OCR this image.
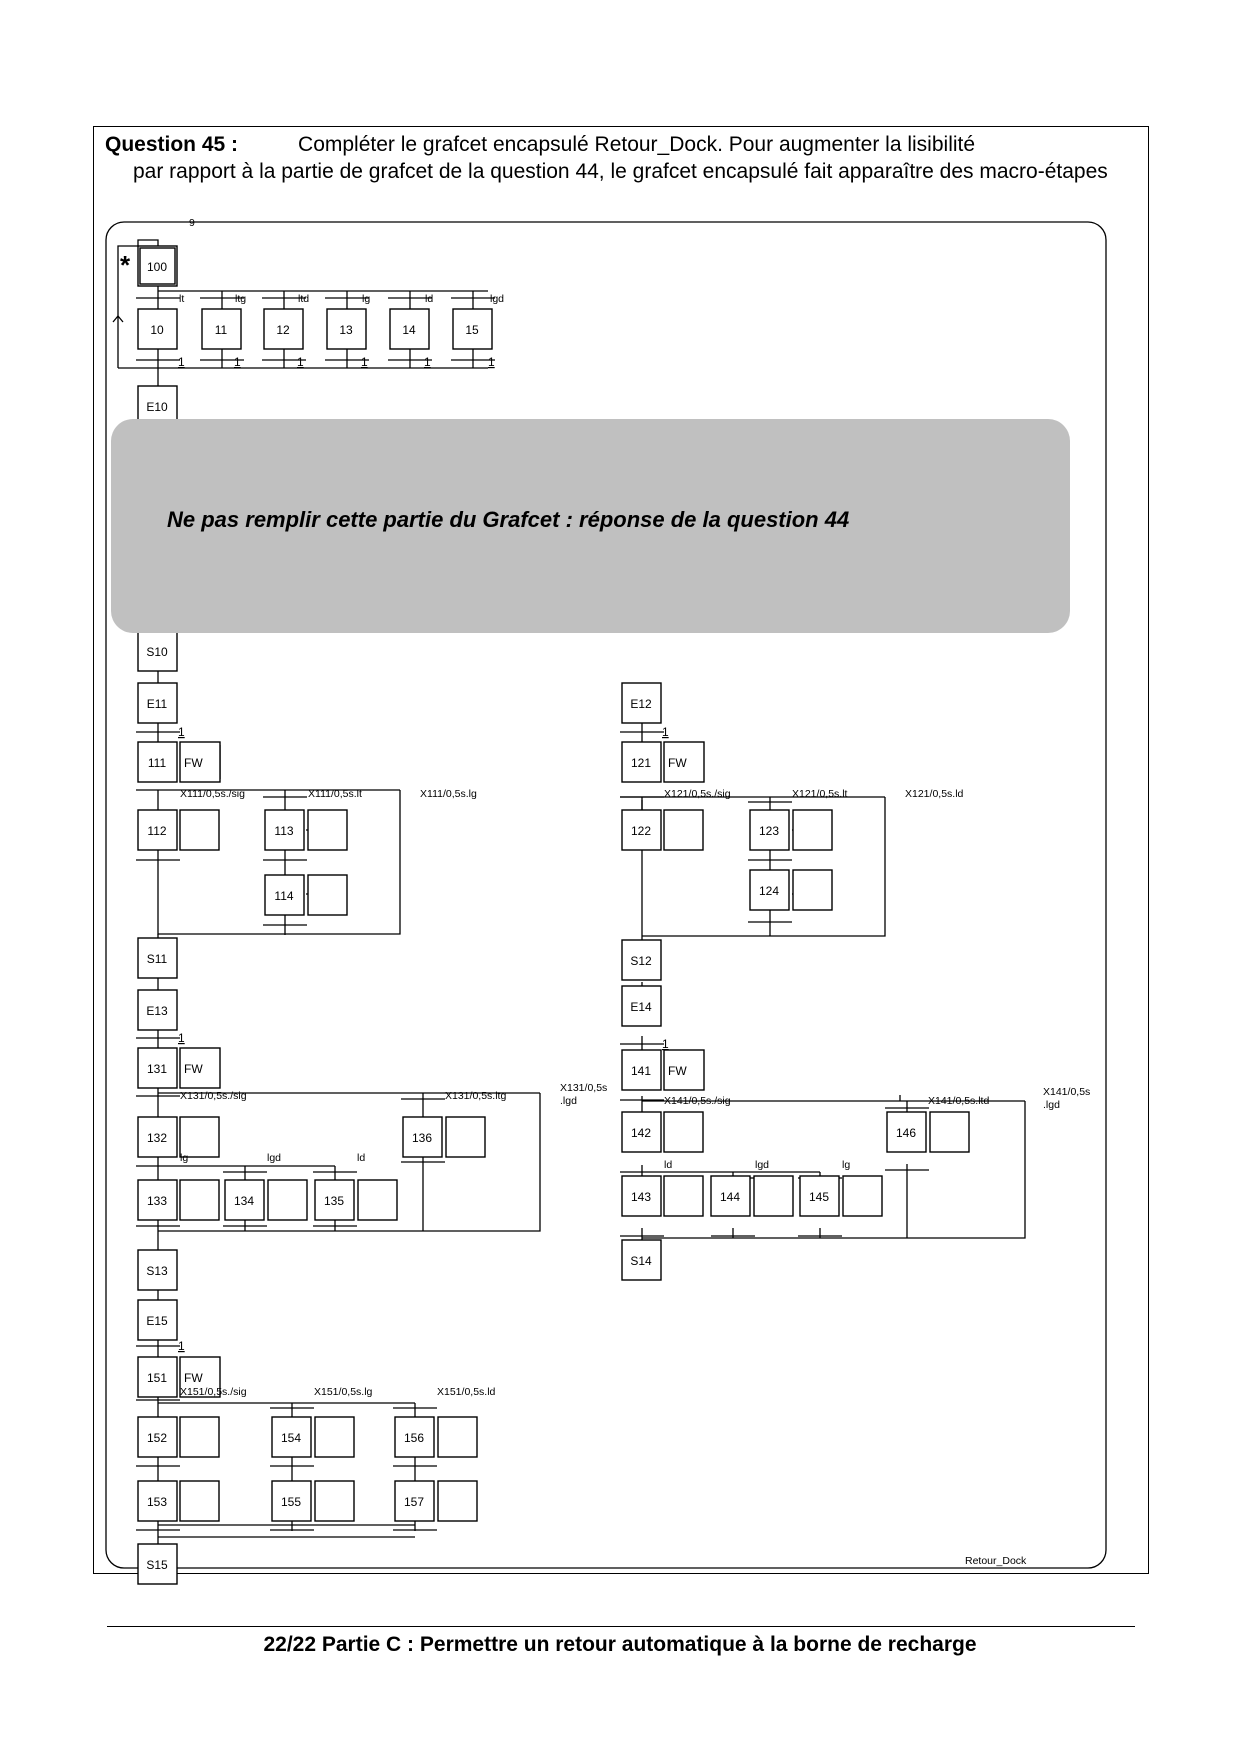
Question 45 :	Compléter le grafcet encapsulé Retour_Dock. Pour augmenter la lisibilité
par rapport à la partie de grafcet de la question 44, le grafcet encapsulé fait apparaître des macro-étapes
100
10	11	12	13	14	15
E10
S10
E11
111
112	113
114
S11
E13
131
132	136
133	134	135
S13
E15
151
152	154	156
153	155	157
S15
E12
121
122	123
124
S12
E14
141
142	146
143	144	145
S14
FW
FW
FW
FW
FW
9
lt	ltg	ltd	lg	ld	lgd
X111/0,5s./sig	X111/0,5s.lt	X111/0,5s.lg	X121/0,5s./sig	X121/0,5s.lt	X121/0,5s.ld
X131/0,5s./sig	X131/0,5s.ltg
X131/0,5s
.lgd
lg	lgd	ld
X141/0,5s./sig	X141/0,5s.ltd
X141/0,5s
.lgd
ld	lgd	lg
X151/0,5s./sig	X151/0,5s.lg	X151/0,5s.ld
Retour_Dock
1	1	1	1	1	1
1
1
1
1
1
*
Ne pas remplir cette partie du Grafcet : réponse de la question 44
22/22 Partie C : Permettre un retour automatique à la borne de recharge
